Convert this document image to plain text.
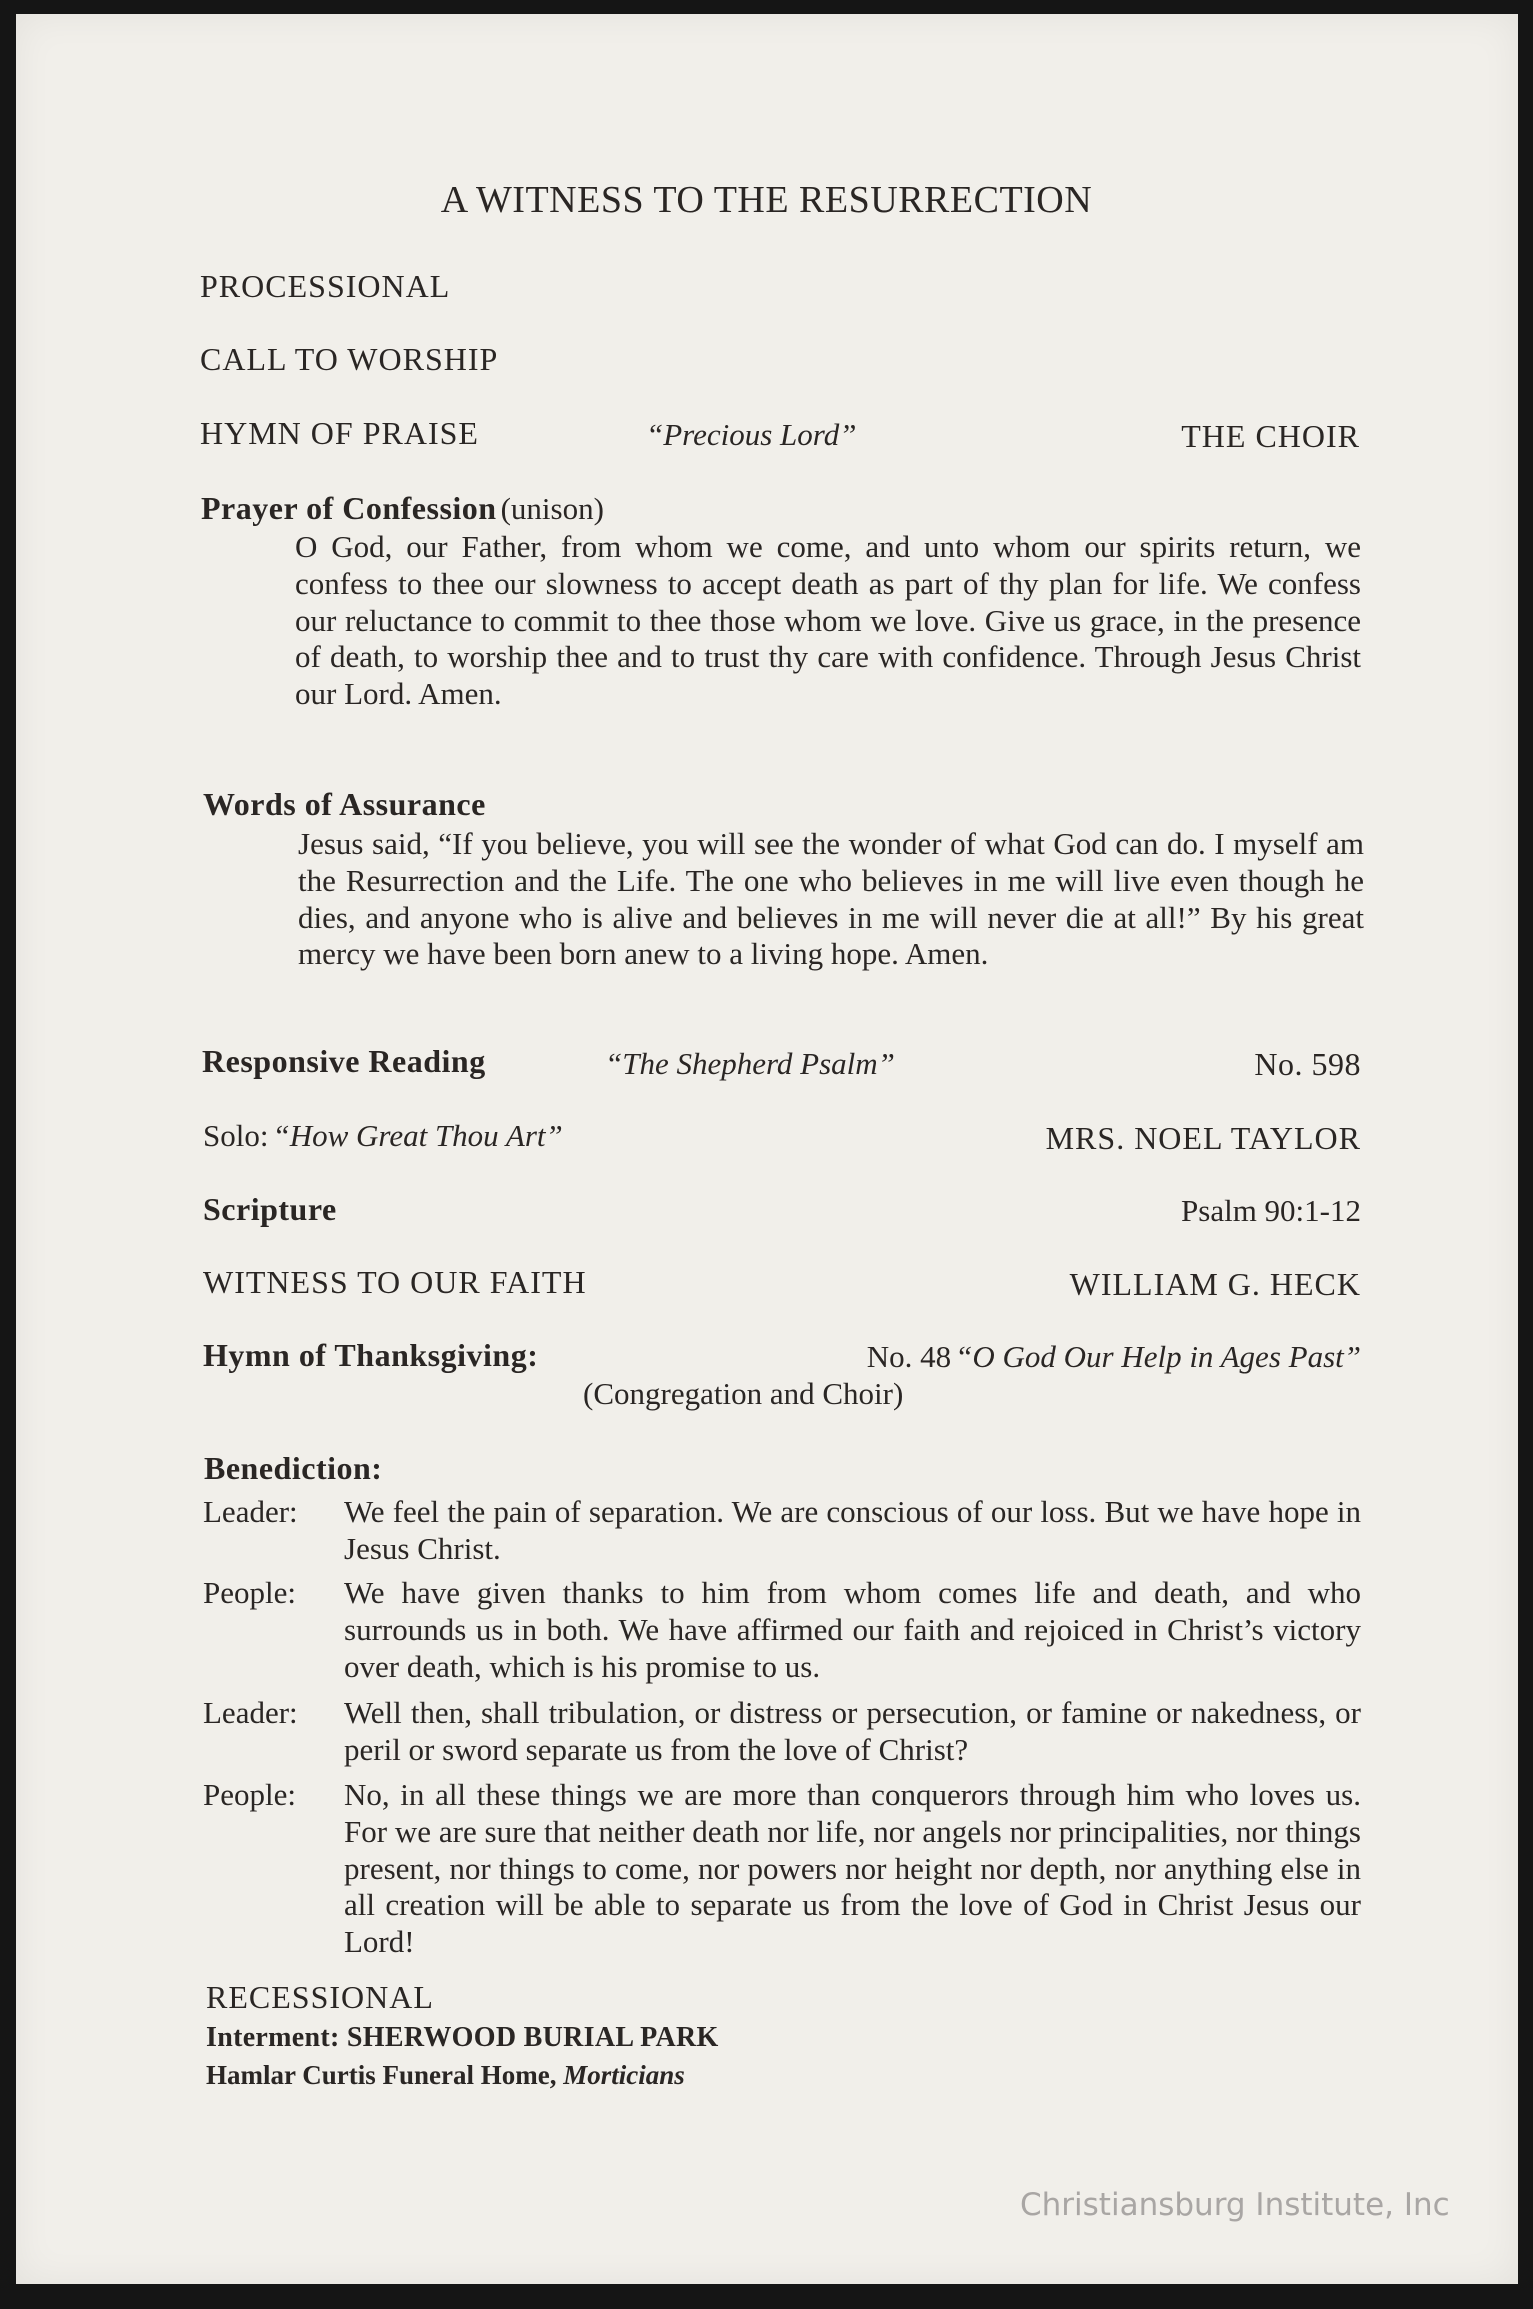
A WITNESS TO THE RESURRECTION
PROCESSIONAL
CALL TO WORSHIP
HYMN OF PRAISE	“Precious Lord”	THE CHOIR
Prayer of Confession (unison)

O God, our Father, from whom we come, and unto whom our spirits return, we confess to thee our slowness to accept death as part of thy plan for life. We confess our reluctance to commit to thee those whom we love. Give us grace, in the presence of death, to worship thee and to trust thy care with confidence. Through Jesus Christ our Lord. Amen.

Words of Assurance

Jesus said, “If you believe, you will see the wonder of what God can do. I myself am the Resurrection and the Life. The one who believes in me will live even though he dies, and anyone who is alive and believes in me will never die at all!” By his great mercy we have been born anew to a living hope. Amen.

Responsive Reading	“The Shepherd Psalm”	No. 598
Solo: “How Great Thou Art”	MRS. NOEL TAYLOR
Scripture	Psalm 90:1-12
WITNESS TO OUR FAITH	WILLIAM G. HECK
Hymn of Thanksgiving:	No. 48 “O God Our Help in Ages Past”
(Congregation and Choir)
Benediction:
Leader:	We feel the pain of separation. We are conscious of our loss. But we have hope in Jesus Christ.
People:	We have given thanks to him from whom comes life and death, and who surrounds us in both. We have affirmed our faith and rejoiced in Christ’s victory over death, which is his promise to us.
Leader:	Well then, shall tribulation, or distress or persecution, or famine or nakedness, or peril or sword separate us from the love of Christ?
People:	No, in all these things we are more than conquerors through him who loves us. For we are sure that neither death nor life, nor angels nor principalities, nor things present, nor things to come, nor powers nor height nor depth, nor anything else in all creation will be able to separate us from the love of God in Christ Jesus our Lord!
RECESSIONAL
Interment: SHERWOOD BURIAL PARK
Hamlar Curtis Funeral Home, Morticians
Christiansburg Institute, Inc
